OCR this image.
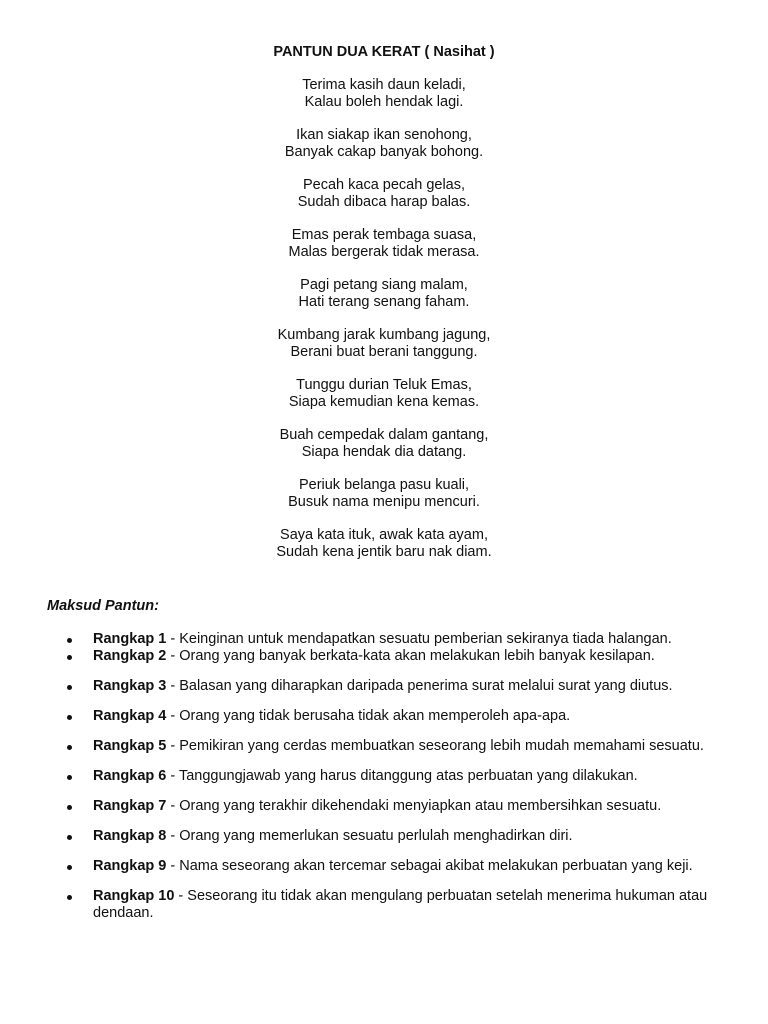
PANTUN DUA KERAT ( Nasihat )
Terima kasih daun keladi,
Kalau boleh hendak lagi.
Ikan siakap ikan senohong,
Banyak cakap banyak bohong.
Pecah kaca pecah gelas,
Sudah dibaca harap balas.
Emas perak tembaga suasa,
Malas bergerak tidak merasa.
Pagi petang siang malam,
Hati terang senang faham.
Kumbang jarak kumbang jagung,
Berani buat berani tanggung.
Tunggu durian Teluk Emas,
Siapa kemudian kena kemas.
Buah cempedak dalam gantang,
Siapa hendak dia datang.
Periuk belanga pasu kuali,
Busuk nama menipu mencuri.
Saya kata ituk, awak kata ayam,
Sudah kena jentik baru nak diam.
Maksud Pantun:
Rangkap 1 - Keinginan untuk mendapatkan sesuatu pemberian sekiranya tiada halangan.
Rangkap 2 - Orang yang banyak berkata-kata akan melakukan lebih banyak kesilapan.
Rangkap 3 - Balasan yang diharapkan daripada penerima surat melalui surat yang diutus.
Rangkap 4 - Orang yang tidak berusaha tidak akan memperoleh apa-apa.
Rangkap 5 - Pemikiran yang cerdas membuatkan seseorang lebih mudah memahami sesuatu.
Rangkap 6 - Tanggungjawab yang harus ditanggung atas perbuatan yang dilakukan.
Rangkap 7 - Orang yang terakhir dikehendaki menyiapkan atau membersihkan sesuatu.
Rangkap 8 - Orang yang memerlukan sesuatu perlulah menghadirkan diri.
Rangkap 9 - Nama seseorang akan tercemar sebagai akibat melakukan perbuatan yang keji.
Rangkap 10 - Seseorang itu tidak akan mengulang perbuatan setelah menerima hukuman atau dendaan.
